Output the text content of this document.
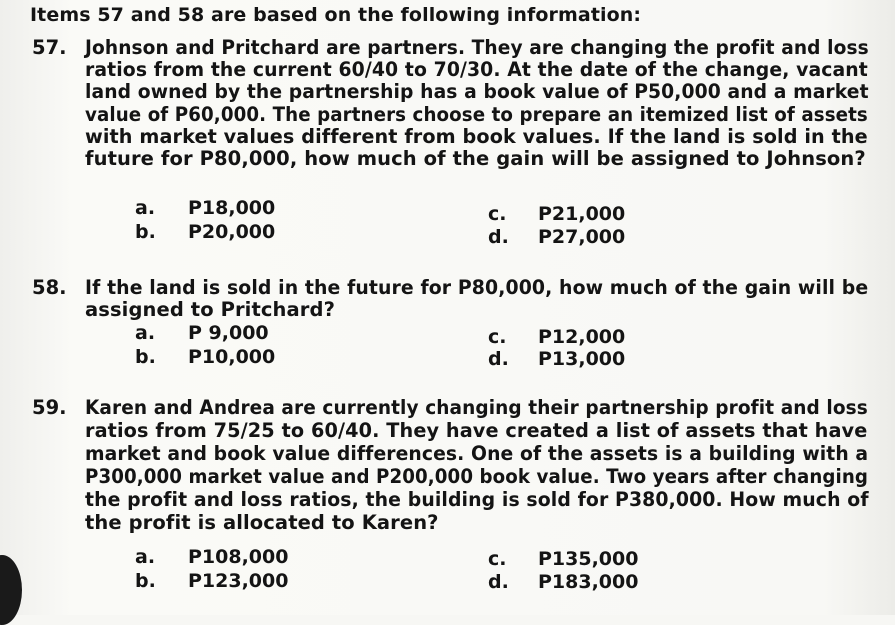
Items 57 and 58 are based on the following information:
57. Johnson and Pritchard are partners. They are changing the profit and loss
ratios from the current 60/40 to 70/30. At the date of the change, vacant
land owned by the partnership has a book value of P50,000 and a market
value of P60,000. The partners choose to prepare an itemized list of assets
with market values different from book values. If the land is sold in the
future for P80,000, how much of the gain will be assigned to Johnson?
a. P18,000
b. P20,000
c. P21,000
d. P27,000
58. If the land is sold in the future for P80,000, how much of the gain will be
assigned to Pritchard?
a. P 9,000
b. P10,000
c. P12,000
d. P13,000
59. Karen and Andrea are currently changing their partnership profit and loss
ratios from 75/25 to 60/40. They have created a list of assets that have
market and book value differences. One of the assets is a building with a
P300,000 market value and P200,000 book value. Two years after changing
the profit and loss ratios, the building is sold for P380,000. How much of
the profit is allocated to Karen?
a. P108,000
b. P123,000
c. P135,000
d. P183,000
